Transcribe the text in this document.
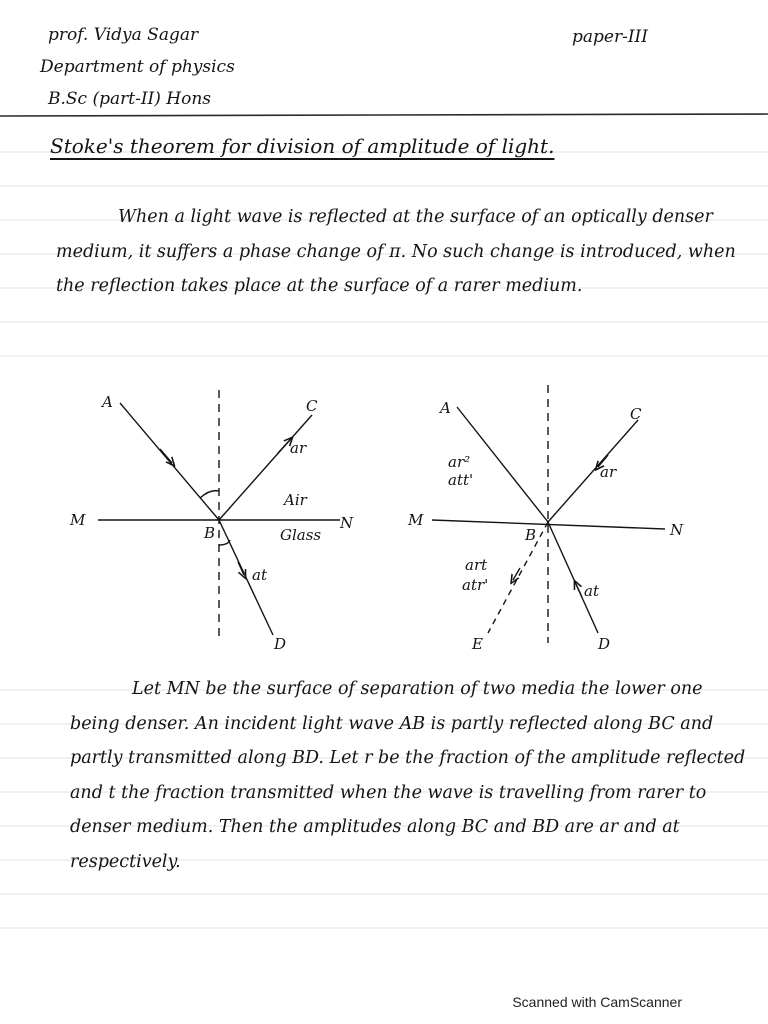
prof. Vidya Sagar
Department of physics
B.Sc (part-II) Hons
paper-III
Stoke's theorem for division of amplitude of light.
When a light wave is reflected at the surface of an optically denser medium, it suffers a phase change of π. No such change is introduced, when the reflection takes place at the surface of a rarer medium.
A	C
ar
Air
M	N
B	Glass
at
D
A	C
ar²
att'	ar
M
B	N
art
atr'	at
E	D
Let MN be the surface of separation of two media the lower one being denser. An incident light wave AB is partly reflected along BC and partly transmitted along BD. Let r be the fraction of the amplitude reflected and t the fraction transmitted when the wave is travelling from rarer to denser medium. Then the amplitudes along BC and BD are ar and at respectively.
Scanned with CamScanner
